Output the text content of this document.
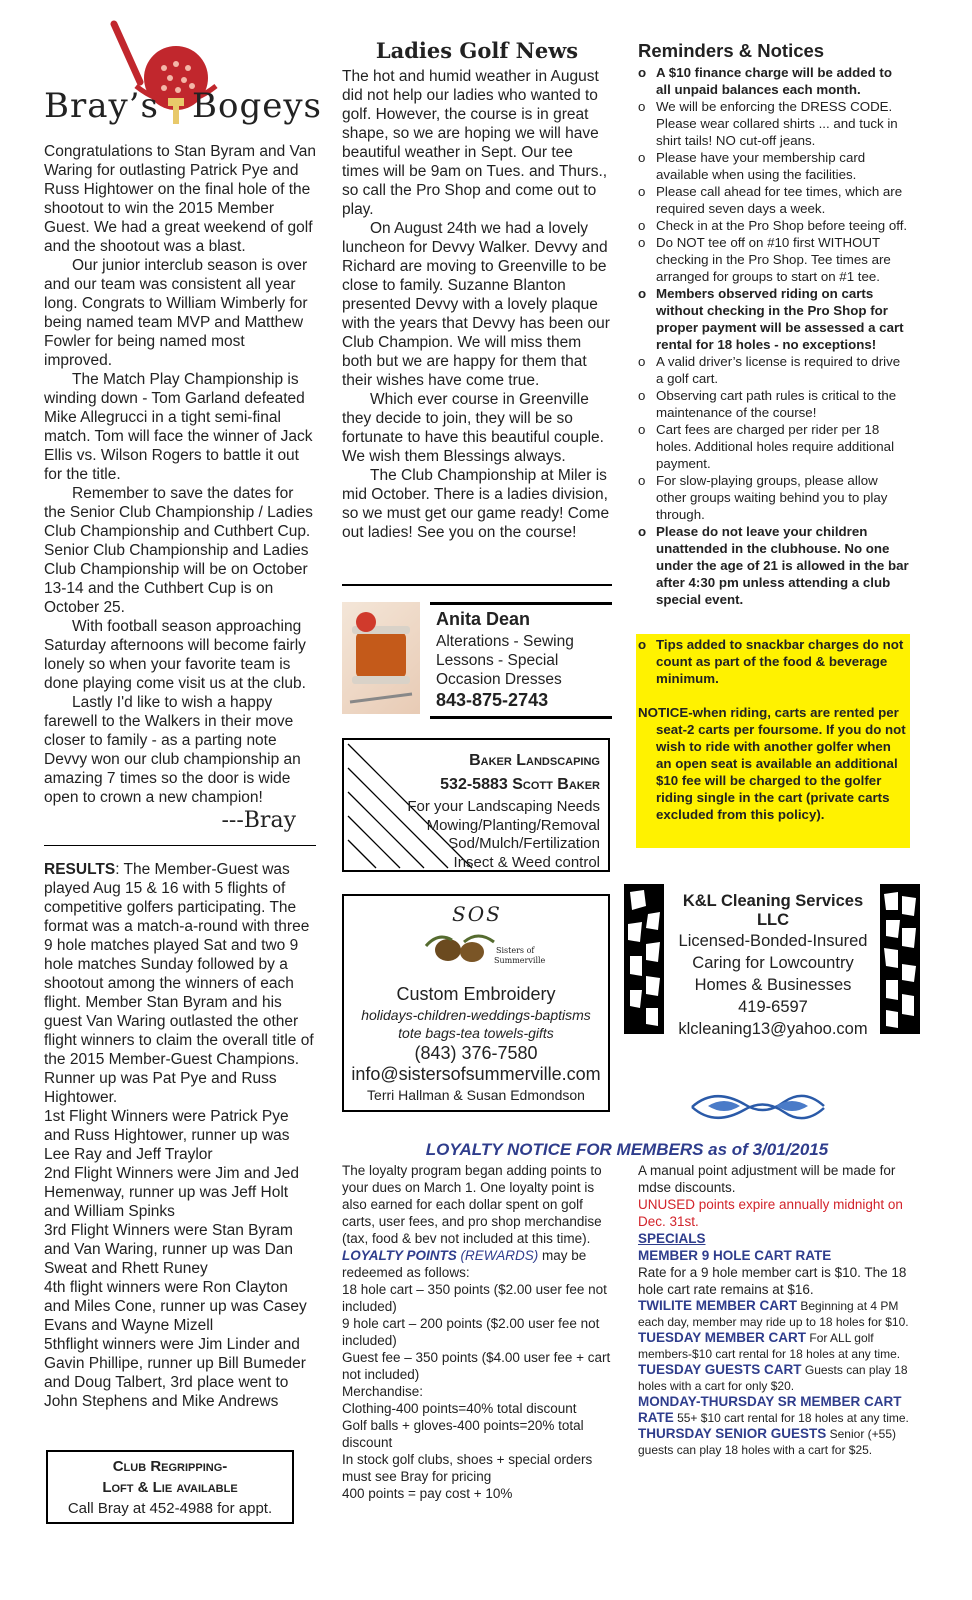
Bray’s Bogeys

Congratulations to Stan Byram and Van Waring for outlasting Patrick Pye and Russ Hightower on the final hole of the shootout to win the 2015 Member Guest. We had a great weekend of golf and the shootout was a blast.

Our junior interclub season is over and our team was consistent all year long. Congrats to William Wimberly for being named team MVP and Matthew Fowler for being named most improved.

The Match Play Championship is winding down - Tom Garland defeated Mike Allegrucci in a tight semi-final match. Tom will face the winner of Jack Ellis vs. Wilson Rogers to battle it out for the title.

Remember to save the dates for the Senior Club Championship / Ladies Club Championship and Cuthbert Cup. Senior Club Championship and Ladies Club Championship will be on October 13-14 and the Cuthbert Cup is on October 25.

With football season approaching Saturday afternoons will become fairly lonely so when your favorite team is done playing come visit us at the club.

Lastly I'd like to wish a happy farewell to the Walkers in their move closer to family - as a parting note Devvy won our club championship an amazing 7 times so the door is wide open to crown a new champion!

---Bray

RESULTS: The Member-Guest was played Aug 15 & 16 with 5 flights of competitive golfers participating. The format was a match-a-round with three 9 hole matches played Sat and two 9 hole matches Sunday followed by a shootout among the winners of each flight. Member Stan Byram and his guest Van Waring outlasted the other flight winners to claim the overall title of the 2015 Member-Guest Champions. Runner up was Pat Pye and Russ Hightower.

1st Flight Winners were Patrick Pye and Russ Hightower, runner up was Lee Ray and Jeff Traylor

2nd Flight Winners were Jim and Jed Hemenway, runner up was Jeff Holt and William Spinks

3rd Flight Winners were Stan Byram and Van Waring, runner up was Dan Sweat and Rhett Runey

4th flight winners were Ron Clayton and Miles Cone, runner up was Casey Evans and Wayne Mizell

5thflight winners were Jim Linder and Gavin Phillipe, runner up Bill Bumeder and Doug Talbert, 3rd place went to John Stephens and Mike Andrews

Club Regripping-
Loft & Lie available
Call Bray at 452-4988 for appt.
Ladies Golf News

The hot and humid weather in August did not help our ladies who wanted to golf. However, the course is in great shape, so we are hoping we will have beautiful weather in Sept. Our tee times will be 9am on Tues. and Thurs., so call the Pro Shop and come out to play.

On August 24th we had a lovely luncheon for Devvy Walker. Devvy and Richard are moving to Greenville to be close to family. Suzanne Blanton presented Devvy with a lovely plaque with the years that Devvy has been our Club Champion. We will miss them both but we are happy for them that their wishes have come true.

Which ever course in Greenville they decide to join, they will be so fortunate to have this beautiful couple. We wish them Blessings always.

The Club Championship at Miler is mid October. There is a ladies division, so we must get our game ready! Come out ladies! See you on the course!

Anita Dean
Alterations - Sewing
Lessons - Special
Occasion Dresses
843-875-2743
Baker Landscaping
532-5883 Scott Baker
For your Landscaping Needs
Mowing/Planting/Removal
Sod/Mulch/Fertilization
Insect & Weed control
SOS
Sisters of
Summerville
Custom Embroidery
holidays-children-weddings-baptisms
tote bags-tea towels-gifts
(843) 376-7580
info@sistersofsummerville.com
Terri Hallman & Susan Edmondson
Reminders & Notices
o A $10 finance charge will be added to all unpaid balances each month.
o We will be enforcing the DRESS CODE. Please wear collared shirts ... and tuck in shirt tails! NO cut-off jeans.
o Please have your membership card available when using the facilities.
o Please call ahead for tee times, which are required seven days a week.
o Check in at the Pro Shop before teeing off.
o Do NOT tee off on #10 first WITHOUT checking in the Pro Shop. Tee times are arranged for groups to start on #1 tee.
o Members observed riding on carts without checking in the Pro Shop for proper payment will be assessed a cart rental for 18 holes - no exceptions!
o A valid driver’s license is required to drive a golf cart.
o Observing cart path rules is critical to the maintenance of the course!
o Cart fees are charged per rider per 18 holes. Additional holes require additional payment.
o For slow-playing groups, please allow other groups waiting behind you to play through.
o Please do not leave your children unattended in the clubhouse. No one under the age of 21 is allowed in the bar after 4:30 pm unless attending a club special event.
o Tips added to snackbar charges do not count as part of the food & beverage minimum.
NOTICE-when riding, carts are rented per seat-2 carts per foursome. If you do not wish to ride with another golfer when an open seat is available an additional $10 fee will be charged to the golfer riding single in the cart (private carts excluded from this policy).
K&L Cleaning Services LLC
Licensed-Bonded-Insured
Caring for Lowcountry
Homes & Businesses
419-6597
klcleaning13@yahoo.com
LOYALTY NOTICE FOR MEMBERS as of 3/01/2015

The loyalty program began adding points to your dues on March 1. One loyalty point is also earned for each dollar spent on golf carts, user fees, and pro shop merchandise (tax, food & bev not included at this time).

LOYALTY POINTS (REWARDS) may be redeemed as follows:

18 hole cart – 350 points ($2.00 user fee not included)

9 hole cart – 200 points ($2.00 user fee not included)

Guest fee – 350 points ($4.00 user fee + cart not included)

Merchandise:

Clothing-400 points=40% total discount

Golf balls + gloves-400 points=20% total discount

In stock golf clubs, shoes + special orders must see Bray for pricing

400 points = pay cost + 10%

A manual point adjustment will be made for mdse discounts.

UNUSED points expire annually midnight on Dec. 31st.

SPECIALS

MEMBER 9 HOLE CART RATE

Rate for a 9 hole member cart is $10. The 18 hole cart rate remains at $16.

TWILITE MEMBER CART Beginning at 4 PM each day, member may ride up to 18 holes for $10.

TUESDAY MEMBER CART For ALL golf members-$10 cart rental for 18 holes at any time.

TUESDAY GUESTS CART Guests can play 18 holes with a cart for only $20.

MONDAY-THURSDAY SR MEMBER CART RATE 55+ $10 cart rental for 18 holes at any time.

THURSDAY SENIOR GUESTS Senior (+55) guests can play 18 holes with a cart for $25.
